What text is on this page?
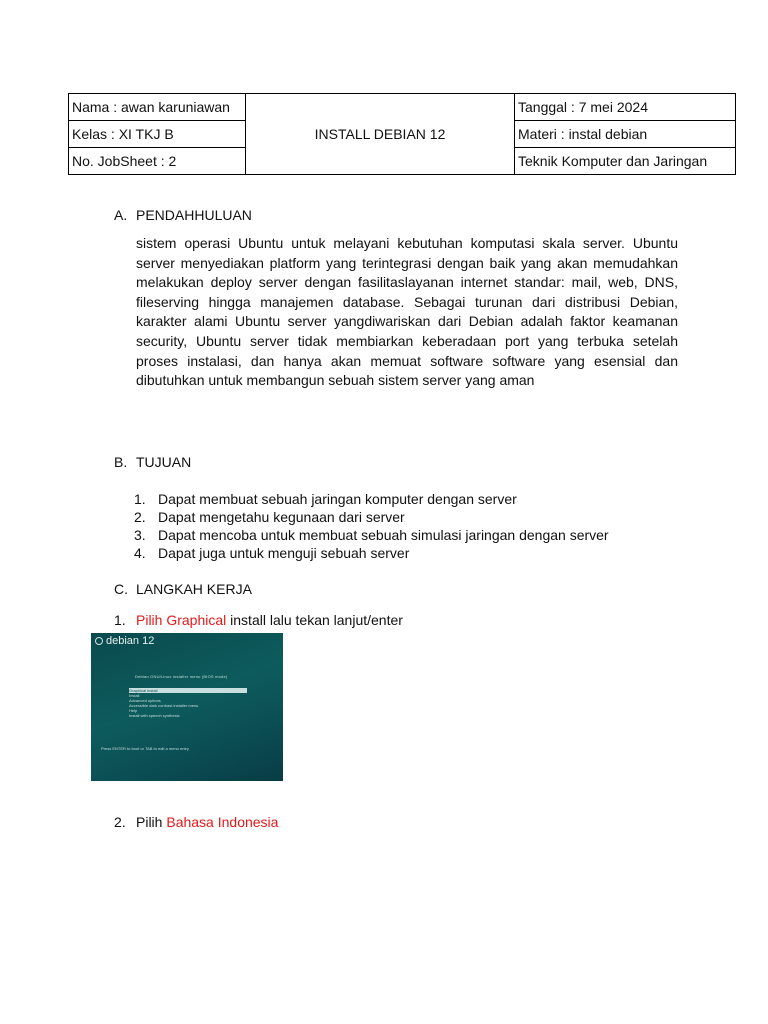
Nama : awan karuniawan	INSTALL DEBIAN 12	Tanggal : 7 mei 2024
Kelas : XI TKJ B		Materi : instal debian
No. JobSheet : 2		Teknik Komputer dan Jaringan
A. PENDAHHULUAN
sistem operasi Ubuntu untuk melayani kebutuhan komputasi skala server. Ubuntu server menyediakan platform yang terintegrasi dengan baik yang akan memudahkan melakukan deploy server dengan fasilitaslayanan internet standar: mail, web, DNS, fileserving hingga manajemen database. Sebagai turunan dari distribusi Debian, karakter alami Ubuntu server yangdiwariskan dari Debian adalah faktor keamanan security, Ubuntu server tidak membiarkan keberadaan port yang terbuka setelah proses instalasi, dan hanya akan memuat software software yang esensial dan dibutuhkan untuk membangun sebuah sistem server yang aman
B. TUJUAN
1. Dapat membuat sebuah jaringan komputer dengan server
2. Dapat mengetahu kegunaan dari server
3. Dapat mencoba untuk membuat sebuah simulasi jaringan dengan server
4. Dapat juga untuk menguji sebuah server
C. LANGKAH KERJA
1. Pilih Graphical install lalu tekan lanjut/enter
debian 12
Debian GNU/Linux installer menu (BIOS mode)
Graphical install
Install
Advanced options
Accessible dark contrast installer menu
Help
Install with speech synthesis
Press ENTER to boot or TAB to edit a menu entry
2. Pilih Bahasa Indonesia
